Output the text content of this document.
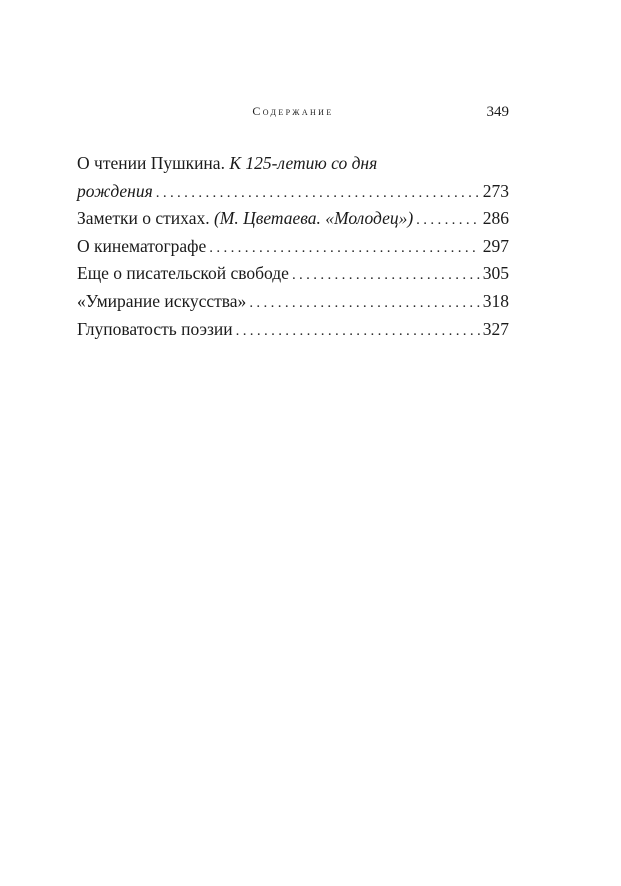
Содержание	349
О чтении Пушкина. К 125-летию со дня
рождения . . .	273
Заметки о стихах. (М. Цветаева. «Молодец») . . .	286
О кинематографе . . .	297
Еще о писательской свободе . . .	305
«Умирание искусства» . . .	318
Глуповатость поэзии . . .	327
